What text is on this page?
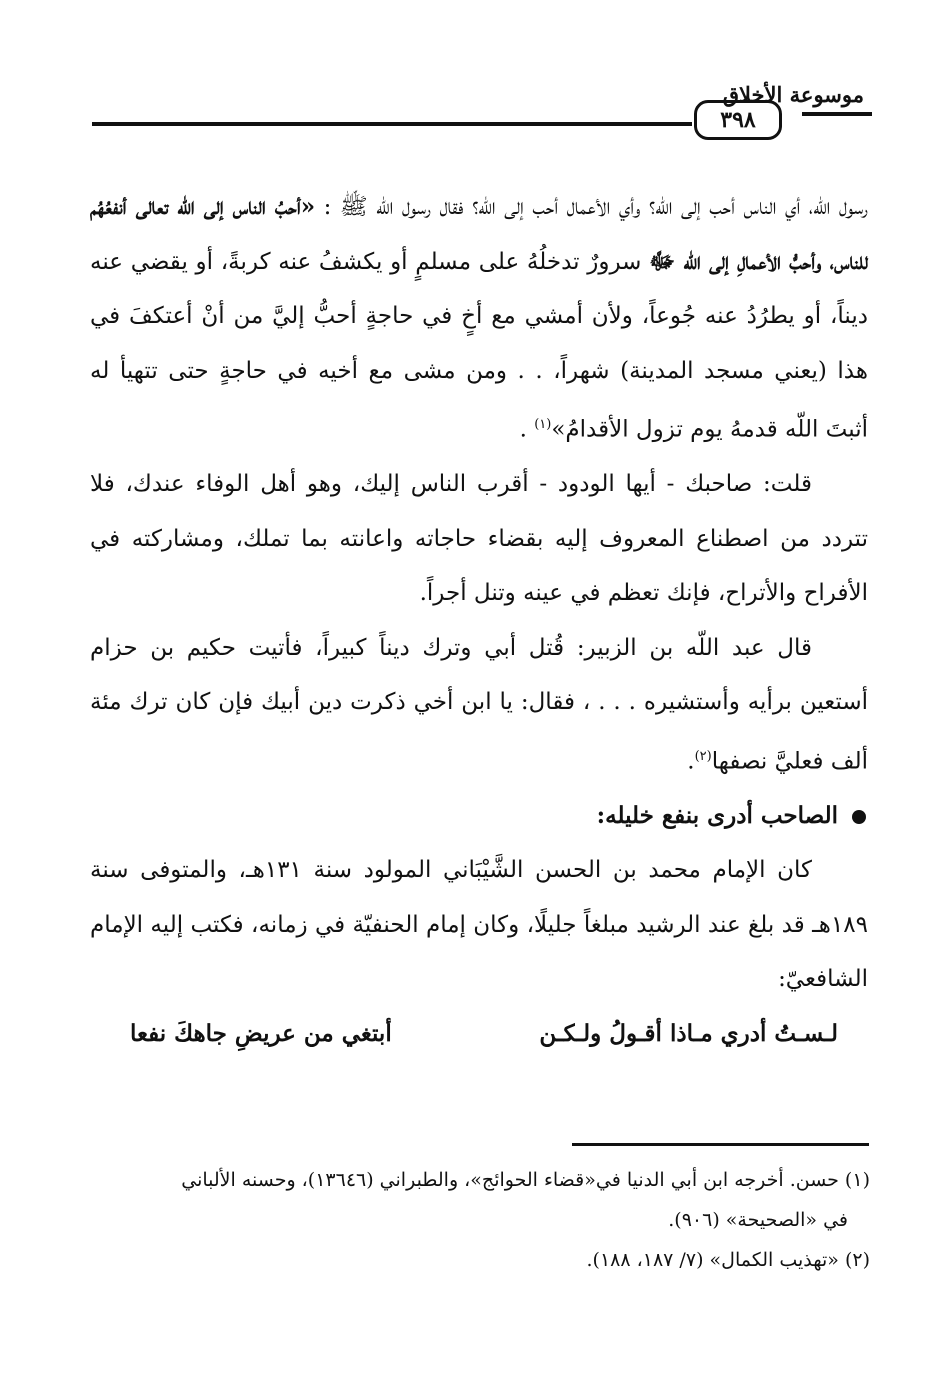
موسوعة الأخلاق
٣٩٨

رسول الله، أي الناس أحب إلى الله؟ وأي الأعمال أحب إلى الله؟ فقال رسول الله ﷺ : «أحبُ الناس إلى اللّه تعالى أنفعُهُم للناس، وأحبُّ الأعمالِ إلى اللّه ﷻ سرورٌ تدخلُهُ على مسلمٍ أو يكشفُ عنه كربةً، أو يقضي عنه ديناً، أو يطرُدُ عنه جُوعاً، ولأن أمشي مع أخٍ في حاجةٍ أحبُّ إليَّ من أنْ أعتكفَ في هذا (يعني مسجد المدينة) شهراً، . . ومن مشى مع أخيه في حاجةٍ حتى تتهيأ له أثبتَ اللّه قدمهُ يوم تزول الأقدامُ»$^{(١)}$ .

قلت: صاحبك - أيها الودود - أقرب الناس إليك، وهو أهل الوفاء عندك، فلا تتردد من اصطناع المعروف إليه بقضاء حاجاته واعانته بما تملك، ومشاركته في الأفراح والأتراح، فإنك تعظم في عينه وتنل أجراً.

قال عبد اللّه بن الزبير: قُتل أبي وترك ديناً كبيراً، فأتيت حكيم بن حزام أستعين برأيه وأستشيره . . . ، فقال: يا ابن أخي ذكرت دين أبيك فإن كان ترك مئة ألف فعليَّ نصفها$^{(٢)}$.

الصاحب أدرى بنفع خليله:

كان الإمام محمد بن الحسن الشَّيْبَاني المولود سنة ١٣١هـ، والمتوفى سنة ١٨٩هـ قد بلغ عند الرشيد مبلغاً جليلًا، وكان إمام الحنفيّة في زمانه، فكتب إليه الإمام الشافعيّ:

لـسـتُ أدري مـاذا أقـولُ ولـكـن
أبتغي من عريضِ جاهكَ نفعا

(١) حسن. أخرجه ابن أبي الدنيا في«قضاء الحوائج»، والطبراني (١٣٦٤٦)، وحسنه الألباني

في «الصحيحة» (٩٠٦).

(٢) «تهذيب الكمال» (٧/ ١٨٧، ١٨٨).
